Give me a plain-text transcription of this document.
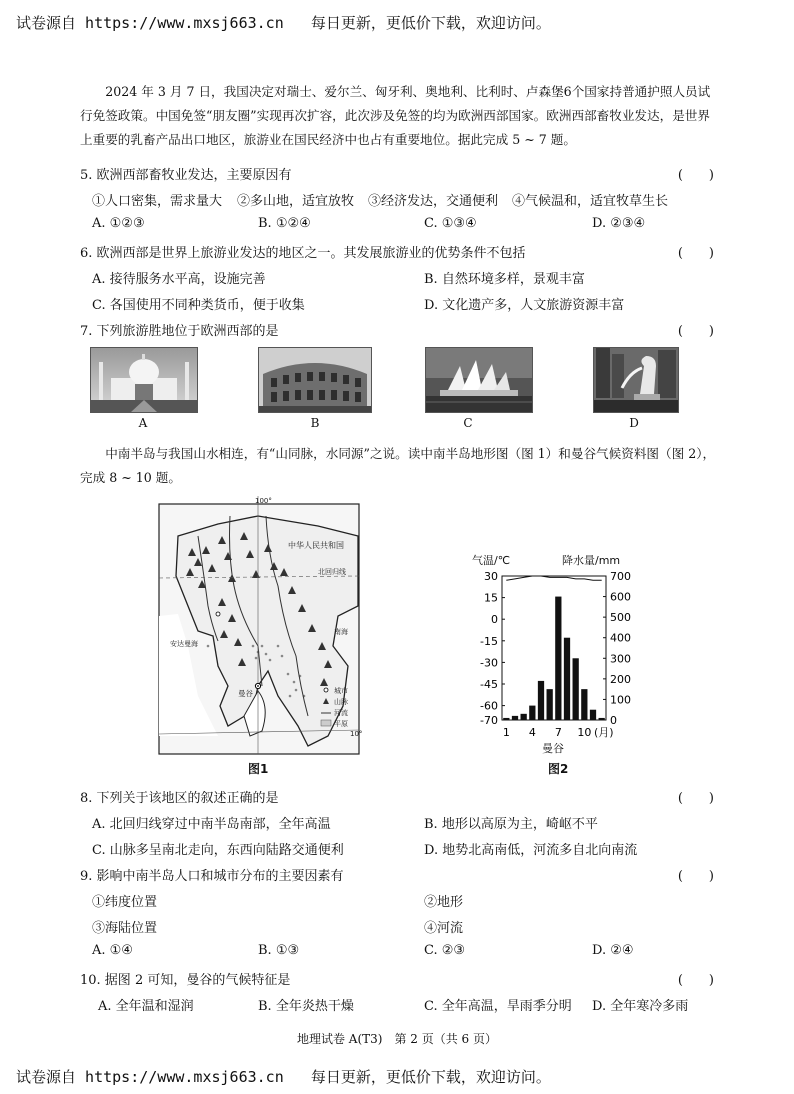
试卷源自 https://www.mxsj663.cn 每日更新，更低价下载，欢迎访问。
2024 年 3 月 7 日，我国决定对瑞士、爱尔兰、匈牙利、奥地利、比利时、卢森堡6个国家持普通护照人员试行免签政策。中国免签“朋友圈”实现再次扩容，此次涉及免签的均为欧洲西部国家。欧洲西部畜牧业发达，是世界上重要的乳畜产品出口地区，旅游业在国民经济中也占有重要地位。据此完成 5 ~ 7 题。
5. 欧洲西部畜牧业发达，主要原因有	(　　)
①人口密集，需求量大 ②多山地，适宜放牧 ③经济发达，交通便利 ④气候温和，适宜牧草生长
A. ①②③	B. ①②④	C. ①③④	D. ②③④
6. 欧洲西部是世界上旅游业发达的地区之一。其发展旅游业的优势条件不包括	(　　)
A. 接待服务水平高，设施完善	B. 自然环境多样，景观丰富
C. 各国使用不同种类货币，便于收集	D. 文化遗产多，人文旅游资源丰富
7. 下列旅游胜地位于欧洲西部的是	(　　)
A	B	C	D
中南半岛与我国山水相连，有“山同脉，水同源”之说。读中南半岛地形图（图 1）和曼谷气候资料图（图 2），完成 8 ~ 10 题。
100°
中华人民共和国
北回归线
曼谷
安达曼海
南海
10°
城市
山脉
河流
平原
图1
气温/℃	降水量/mm
30
15
0
-15
-30
-45
-60
-70
700
600
500
400
300
200
100
0
1 4 7 10 (月)
曼谷
图2
8. 下列关于该地区的叙述正确的是	(　　)
A. 北回归线穿过中南半岛南部，全年高温	B. 地形以高原为主，崎岖不平
C. 山脉多呈南北走向，东西向陆路交通便利	D. 地势北高南低，河流多自北向南流
9. 影响中南半岛人口和城市分布的主要因素有	(　　)
①纬度位置	②地形
③海陆位置	④河流
A. ①④	B. ①③	C. ②③	D. ②④
10. 据图 2 可知，曼谷的气候特征是	(　　)
A. 全年温和湿润	B. 全年炎热干燥	C. 全年高温，旱雨季分明 D. 全年寒冷多雨
地理试卷 A(T3)　第 2 页（共 6 页）
试卷源自 https://www.mxsj663.cn 每日更新，更低价下载，欢迎访问。
